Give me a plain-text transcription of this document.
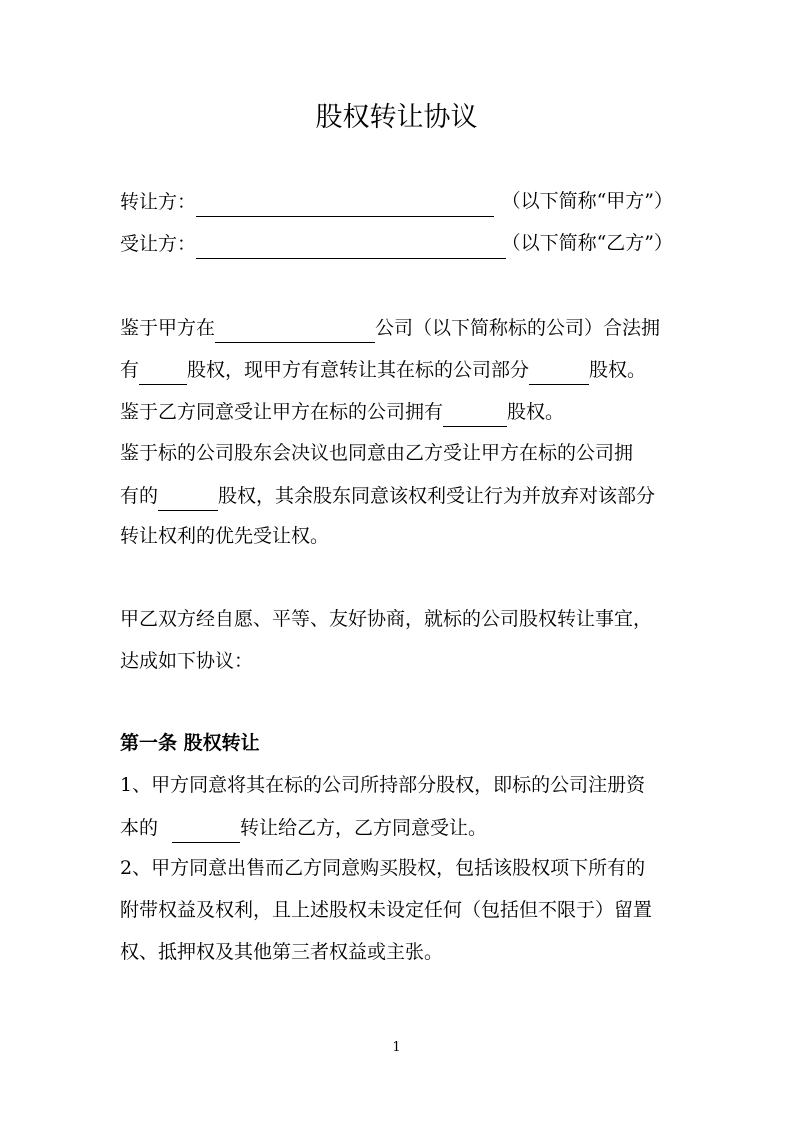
股权转让协议
转让方：	（以下简称“甲方”）
受让方：	（以下简称“乙方”）
鉴于甲方在	公司（以下简称标的公司）合法拥
有	股权，现甲方有意转让其在标的公司部分	股权。
鉴于乙方同意受让甲方在标的公司拥有	股权。
鉴于标的公司股东会决议也同意由乙方受让甲方在标的公司拥
有的	股权，其余股东同意该权利受让行为并放弃对该部分
转让权利的优先受让权。
甲乙双方经自愿、平等、友好协商，就标的公司股权转让事宜，
达成如下协议：
第一条 股权转让
1、甲方同意将其在标的公司所持部分股权，即标的公司注册资
本的	转让给乙方，乙方同意受让。
2、甲方同意出售而乙方同意购买股权，包括该股权项下所有的
附带权益及权利，且上述股权未设定任何（包括但不限于）留置
权、抵押权及其他第三者权益或主张。
1
